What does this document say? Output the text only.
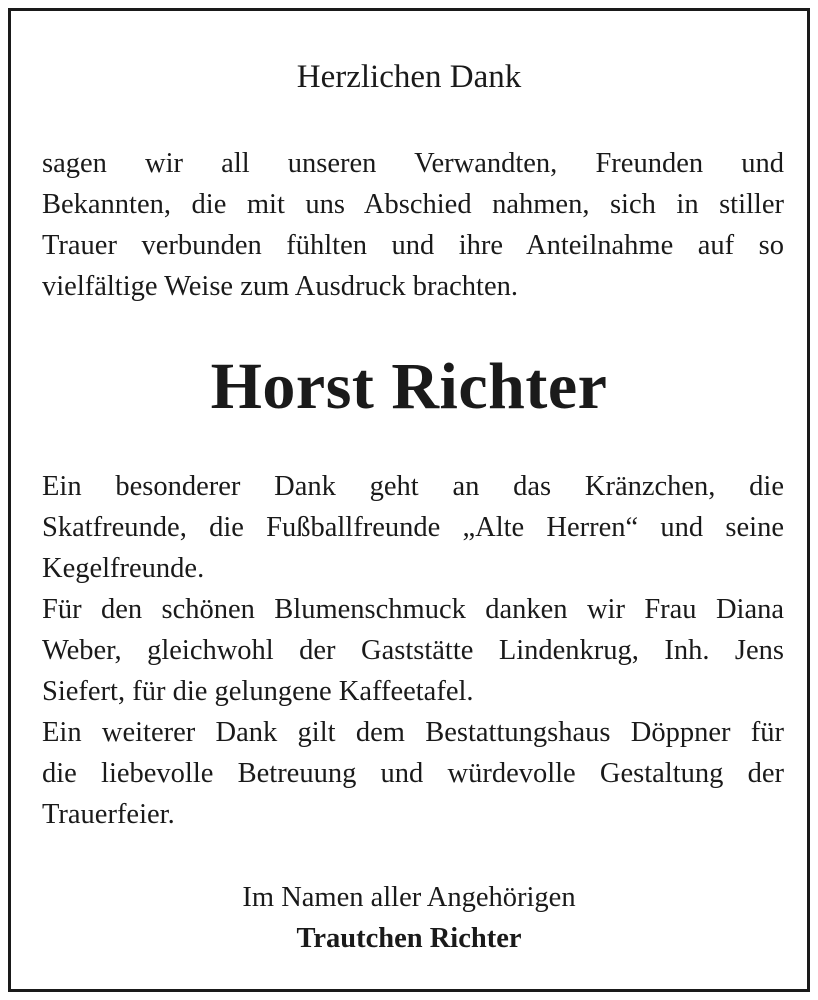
Herzlichen Dank
sagen wir all unseren Verwandten, Freunden und
Bekannten, die mit uns Abschied nahmen, sich in stiller
Trauer verbunden fühlten und ihre Anteilnahme auf so
vielfältige Weise zum Ausdruck brachten.
Horst Richter
Ein besonderer Dank geht an das Kränzchen, die
Skatfreunde, die Fußballfreunde „Alte Herren“ und seine
Kegelfreunde.
Für den schönen Blumenschmuck danken wir Frau Diana
Weber, gleichwohl der Gaststätte Lindenkrug, Inh. Jens
Siefert, für die gelungene Kaffeetafel.
Ein weiterer Dank gilt dem Bestattungshaus Döppner für
die liebevolle Betreuung und würdevolle Gestaltung der
Trauerfeier.
Im Namen aller Angehörigen
Trautchen Richter
